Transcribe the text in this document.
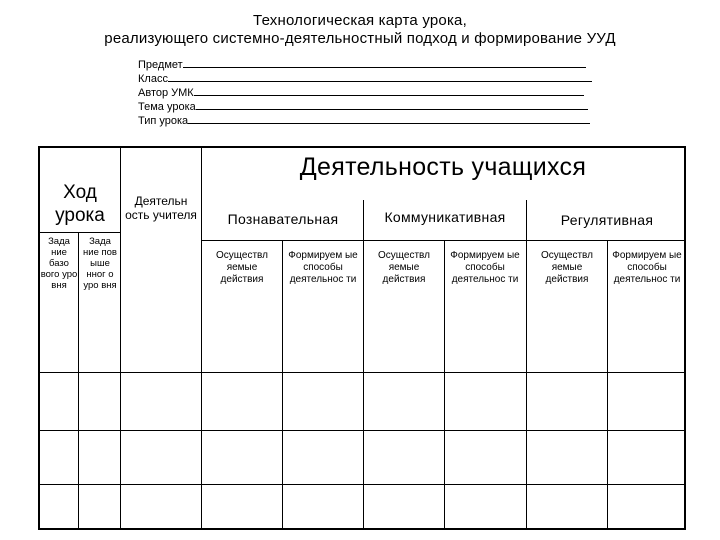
Технологическая карта урока,
реализующего системно-деятельностный подход и формирование УУД
Предмет
Класс
Автор УМК
Тема урока
Тип урока
Ход урока
Зада ние базо вого уро вня
Зада ние пов ыше нног о уро вня
Деятельн ость учителя
Деятельность учащихся
Познавательная	Коммуникативная	Регулятивная
Осуществл яемые действия
Формируем ые способы деятельнос ти
Осуществл яемые действия
Формируем ые способы деятельнос ти
Осуществл яемые действия
Формируем ые способы деятельнос ти
